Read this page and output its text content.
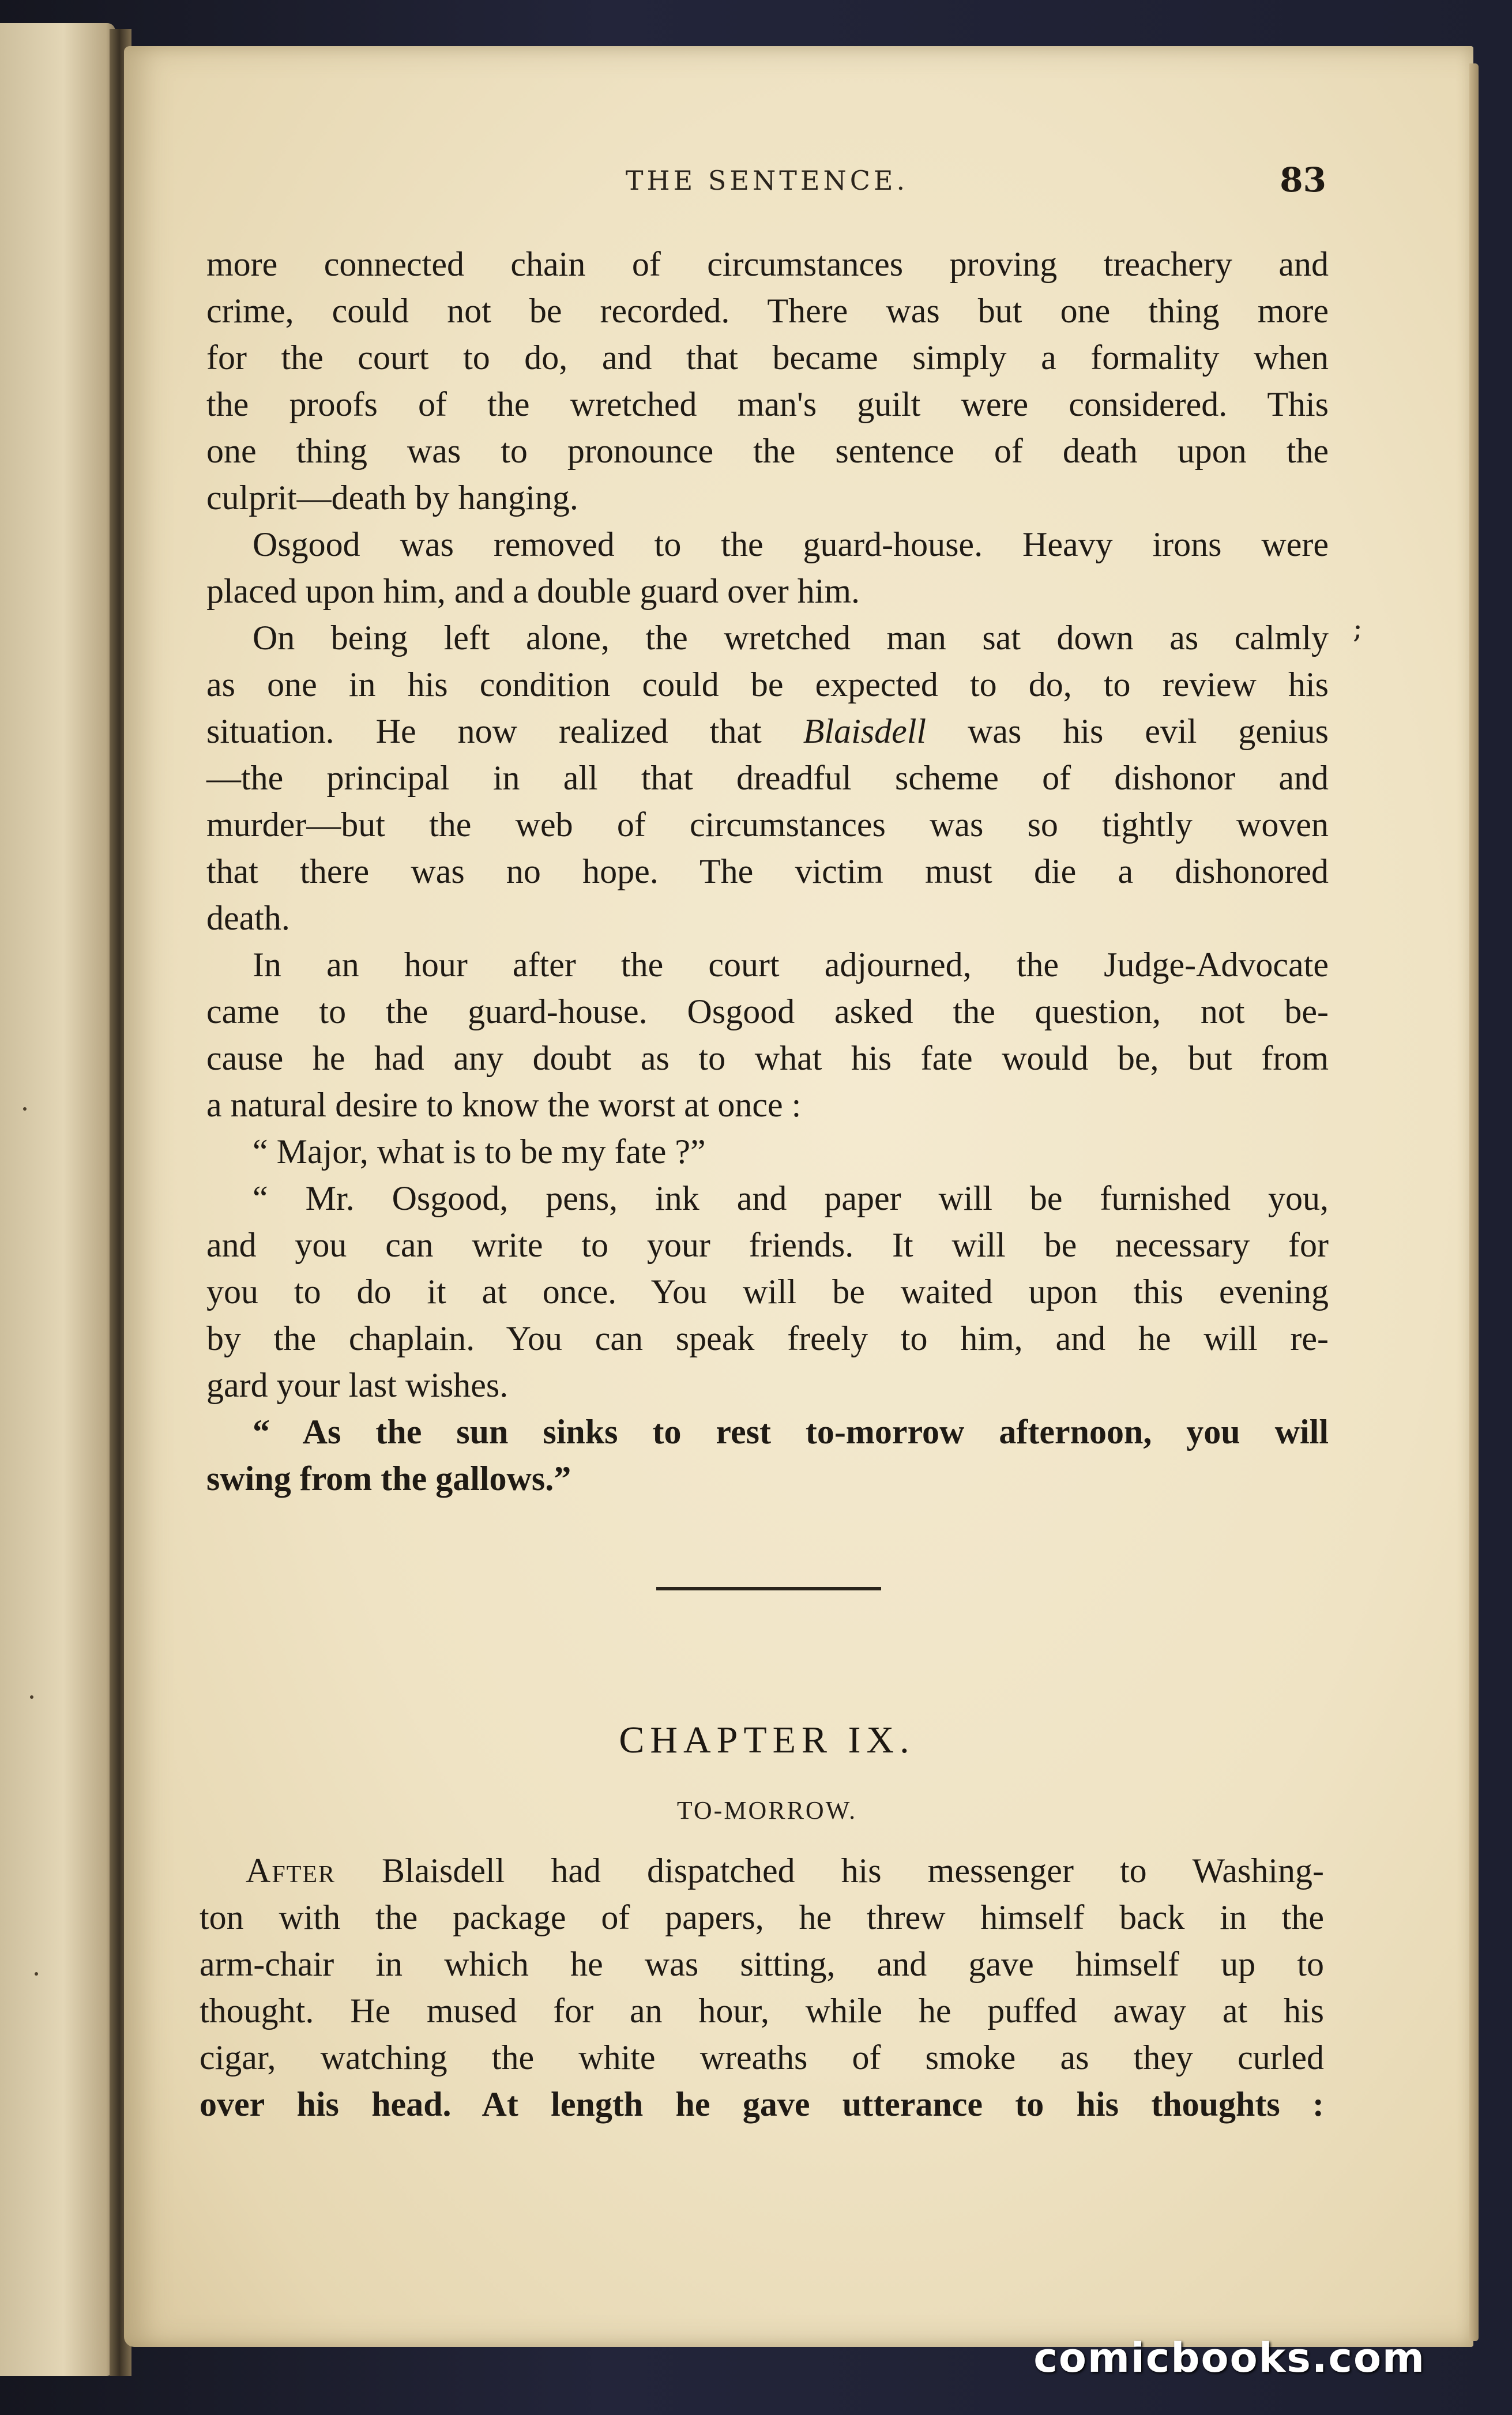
THE SENTENCE.	83
more connected chain of circumstances proving treachery and
crime, could not be recorded. There was but one thing more
for the court to do, and that became simply a formality when
the proofs of the wretched man's guilt were considered. This
one thing was to pronounce the sentence of death upon the
culprit—death by hanging.
Osgood was removed to the guard-house. Heavy irons were
placed upon him, and a double guard over him.
On being left alone, the wretched man sat down as calmly
as one in his condition could be expected to do, to review his
situation. He now realized that Blaisdell was his evil genius
—the principal in all that dreadful scheme of dishonor and
murder—but the web of circumstances was so tightly woven
that there was no hope. The victim must die a dishonored
death.
In an hour after the court adjourned, the Judge-Advocate
came to the guard-house. Osgood asked the question, not be-
cause he had any doubt as to what his fate would be, but from
a natural desire to know the worst at once :
“ Major, what is to be my fate ?”
“ Mr. Osgood, pens, ink and paper will be furnished you,
and you can write to your friends. It will be necessary for
you to do it at once. You will be waited upon this evening
by the chaplain. You can speak freely to him, and he will re-
gard your last wishes.
“ As the sun sinks to rest to-morrow afternoon, you will
swing from the gallows.”
;
CHAPTER IX.
TO-MORROW.
After Blaisdell had dispatched his messenger to Washing-
ton with the package of papers, he threw himself back in the
arm-chair in which he was sitting, and gave himself up to
thought. He mused for an hour, while he puffed away at his
cigar, watching the white wreaths of smoke as they curled
over his head. At length he gave utterance to his thoughts :
comicbooks.com
